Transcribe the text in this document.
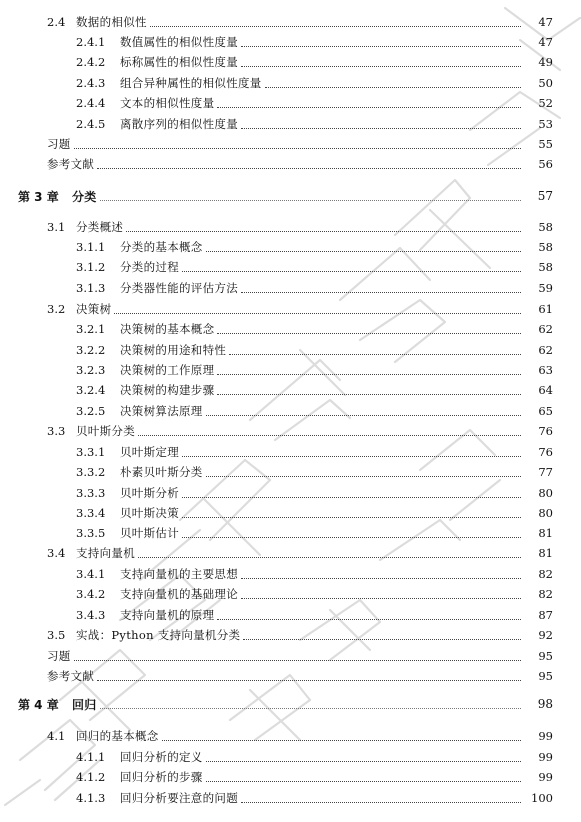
2.4 数据的相似性	47
2.4.1	数值属性的相似性度量	47
2.4.2	标称属性的相似性度量	49
2.4.3	组合异种属性的相似性度量	50
2.4.4	文本的相似性度量	52
2.4.5	离散序列的相似性度量	53
习题	55
参考文献	56
第 3 章	分类	57
3.1 分类概述	58
3.1.1	分类的基本概念	58
3.1.2	分类的过程	58
3.1.3	分类器性能的评估方法	59
3.2 决策树	61
3.2.1	决策树的基本概念	62
3.2.2	决策树的用途和特性	62
3.2.3	决策树的工作原理	63
3.2.4	决策树的构建步骤	64
3.2.5	决策树算法原理	65
3.3 贝叶斯分类	76
3.3.1	贝叶斯定理	76
3.3.2	朴素贝叶斯分类	77
3.3.3	贝叶斯分析	80
3.3.4	贝叶斯决策	80
3.3.5	贝叶斯估计	81
3.4 支持向量机	81
3.4.1	支持向量机的主要思想	82
3.4.2	支持向量机的基础理论	82
3.4.3	支持向量机的原理	87
3.5 实战：Python 支持向量机分类	92
习题	95
参考文献	95
第 4 章	回归	98
4.1 回归的基本概念	99
4.1.1	回归分析的定义	99
4.1.2	回归分析的步骤	99
4.1.3	回归分析要注意的问题	100
